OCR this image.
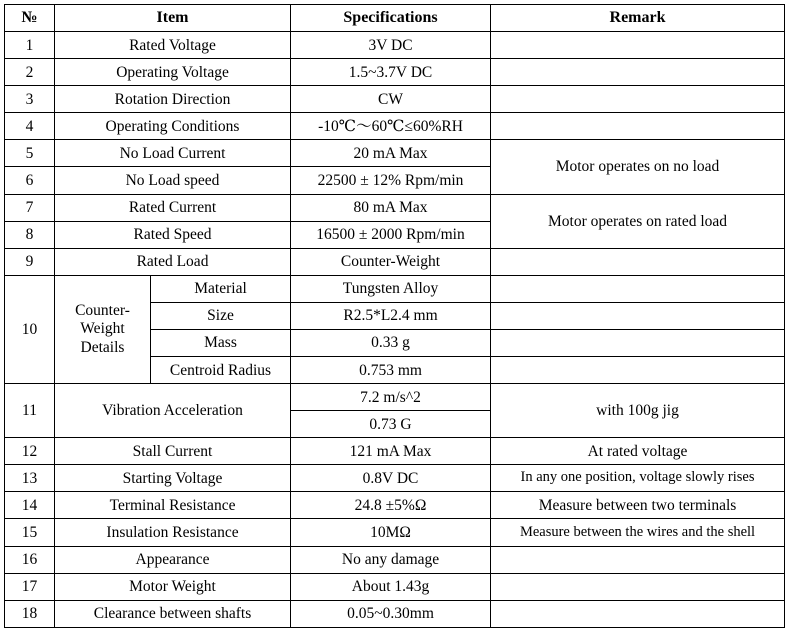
№	Item		Specifications	Remark
1	Rated Voltage		3V DC	
2	Operating Voltage		1.5~3.7V DC	
3	Rotation Direction		CW	
4	Operating Conditions		-10℃～60℃≤60%RH	
5	No Load Current		20 mA Max	Motor operates on no load
6	No Load speed		22500 ± 12% Rpm/min	
7	Rated Current		80 mA Max	Motor operates on rated load
8	Rated Speed		16500 ± 2000 Rpm/min	
9	Rated Load		Counter-Weight	
10	Counter-Weight Details	Material	Tungsten Alloy	
		Size	R2.5*L2.4 mm	
		Mass	0.33 g	
		Centroid Radius	0.753 mm	
11	Vibration Acceleration		7.2 m/s^2	with 100g jig
			0.73 G	
12	Stall Current		121 mA Max	At rated voltage
13	Starting Voltage		0.8V DC	In any one position, voltage slowly rises
14	Terminal Resistance		24.8 ±5%Ω	Measure between two terminals
15	Insulation Resistance		10MΩ	Measure between the wires and the shell
16	Appearance		No any damage	
17	Motor Weight		About 1.43g	
18	Clearance between shafts		0.05~0.30mm	
